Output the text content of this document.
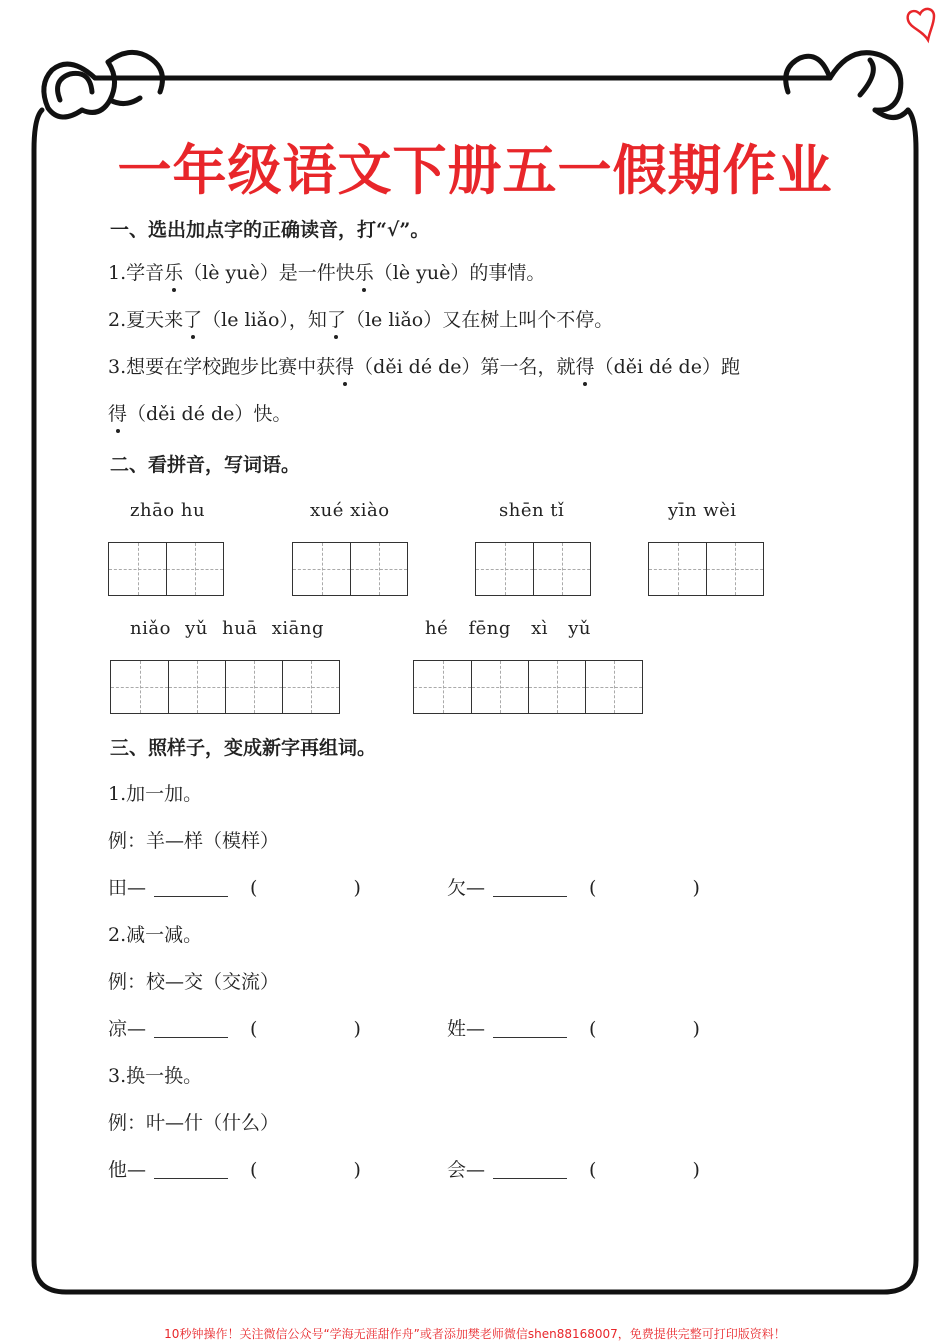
一年级语文下册五一假期作业
一、选出加点字的正确读音，打“√”。
1.学音乐（lè yuè）是一件快乐（lè yuè）的事情。
2.夏天来了（le liǎo），知了（le liǎo）又在树上叫个不停。
3.想要在学校跑步比赛中获得（děi dé de）第一名，就得（děi dé de）跑
得（děi dé de）快。
二、看拼音，写词语。
zhāo hu	xué xiào	shēn tǐ	yīn wèi
niǎo yǔ huā xiāng	hé fēng xì yǔ
三、照样子，变成新字再组词。
1.加一加。
例：羊—样（模样）
田—	(	)	欠—	(	)
2.减一减。
例：校—交（交流）
凉—	(	)	姓—	(	)
3.换一换。
例：叶—什（什么）
他—	(	)	会—	(	)
10秒钟操作！关注微信公众号“学海无涯甜作舟”或者添加樊老师微信shen88168007，免费提供完整可打印版资料！
